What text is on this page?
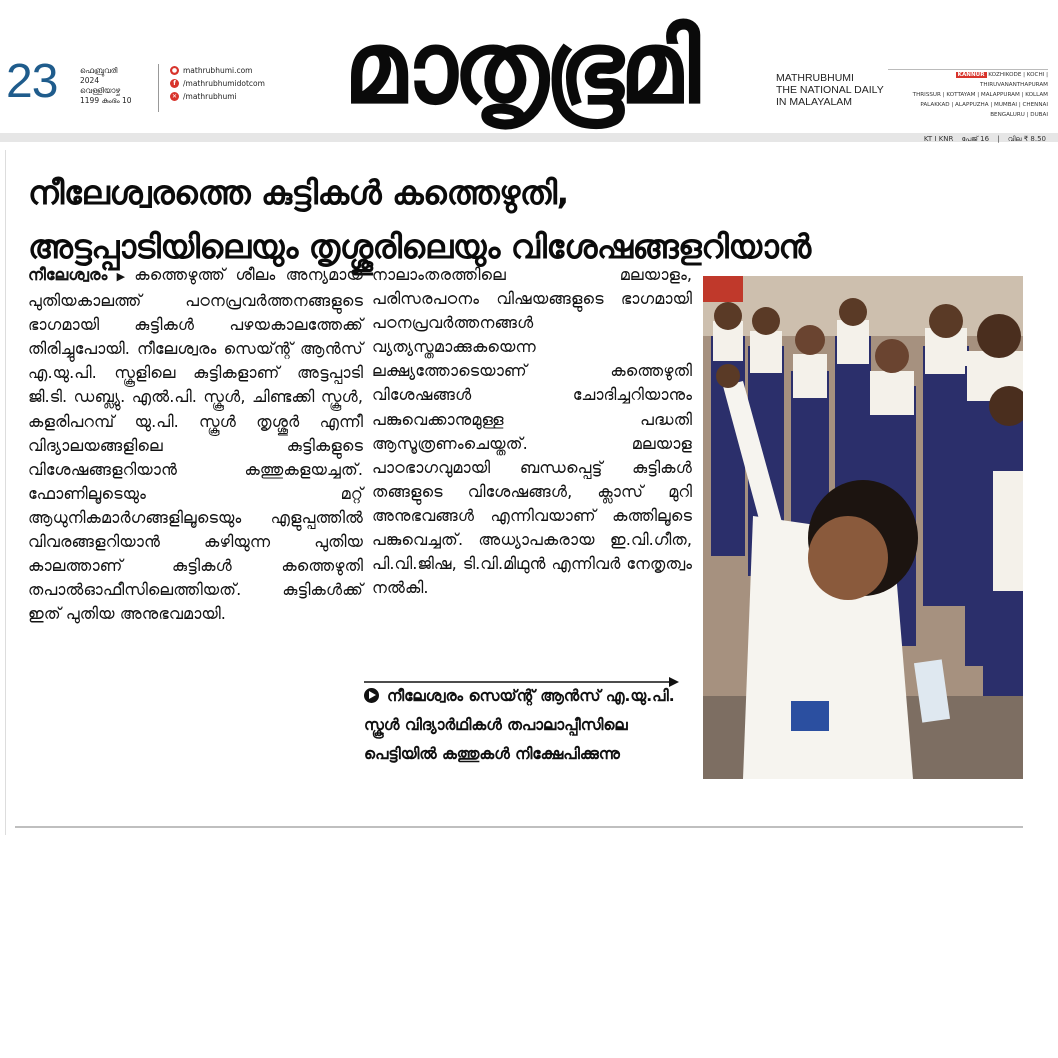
23	ഫെബ്രുവരി
2024
വെള്ളിയാഴ്ച
1199 കുംഭം 10
● mathrubhumi.com
f /mathrubhumidotcom
✕ /mathrubhumi	മാതൃഭൂമി	MATHRUBHUMI
THE NATIONAL DAILY
IN MALAYALAM
KANNUR KOZHIKODE | KOCHI | THIRUVANANTHAPURAM
THRISSUR | KOTTAYAM | MALAPPURAM | KOLLAM
PALAKKAD | ALAPPUZHA | MUMBAI | CHENNAI
BENGALURU | DUBAI
KT I KNR പേജ് 16 | വില ₹ 8.50
നീലേശ്വരത്തെ കുട്ടികൾ കത്തെഴുതി,
അട്ടപ്പാടിയിലെയും തൃശ്ശൂരിലെയും വിശേഷങ്ങളറിയാൻ
നീലേശ്വരം ▶ കത്തെഴുത്ത് ശീലം അന്യമായ പുതിയകാലത്ത് പഠനപ്രവർത്തനങ്ങളുടെ ഭാഗമായി കുട്ടികൾ പഴയകാലത്തേക്ക് തിരിച്ചുപോയി. നീലേശ്വരം സെയ്ന്റ് ആൻസ് എ.യു.പി. സ്കൂളിലെ കുട്ടികളാണ് അട്ടപ്പാടി ജി.ടി. ഡബ്ല്യു. എൽ.പി. സ്കൂൾ, ചിണ്ടക്കി സ്കൂൾ, കളരിപറമ്പ് യു.പി. സ്കൂൾ തൃശ്ശൂർ എന്നീ വിദ്യാലയങ്ങളിലെ കുട്ടികളുടെ വിശേഷങ്ങളറിയാൻ കത്തുകളയച്ചത്. ഫോണിലൂടെയും മറ്റ് ആധുനികമാർഗങ്ങളിലൂടെയും എളുപ്പത്തിൽ വിവരങ്ങളറിയാൻ കഴിയുന്ന പുതിയ കാലത്താണ് കുട്ടികൾ കത്തെഴുതി തപാൽഓഫീസിലെത്തിയത്. കുട്ടികൾക്ക് ഇത് പുതിയ അനുഭവമായി.
നാലാംതരത്തിലെ മലയാളം, പരിസരപഠനം വിഷയങ്ങളുടെ ഭാഗമായി പഠനപ്രവർത്തനങ്ങൾ വ്യത്യസ്തമാക്കുകയെന്ന ലക്ഷ്യത്തോടെയാണ് കത്തെഴുതി വിശേഷങ്ങൾ ചോദിച്ചറിയാനും പങ്കുവെക്കാനുമുള്ള പദ്ധതി ആസൂത്രണംചെയ്തത്. മലയാള പാഠഭാഗവുമായി ബന്ധപ്പെട്ട് കുട്ടികൾ തങ്ങളുടെ വിശേഷങ്ങൾ, ക്ലാസ് മുറി അനുഭവങ്ങൾ എന്നിവയാണ് കത്തിലൂടെ പങ്കുവെച്ചത്. അധ്യാപകരായ ഇ.വി.ഗീത, പി.വി.ജിഷ, ടി.വി.മിഥുൻ എന്നിവർ നേതൃത്വം നൽകി.
നീലേശ്വരം സെയ്ന്റ് ആൻസ് എ.യു.പി. സ്കൂൾ വിദ്യാർഥികൾ തപാലാപ്പീസിലെ പെട്ടിയിൽ കത്തുകൾ നിക്ഷേപിക്കുന്നു
